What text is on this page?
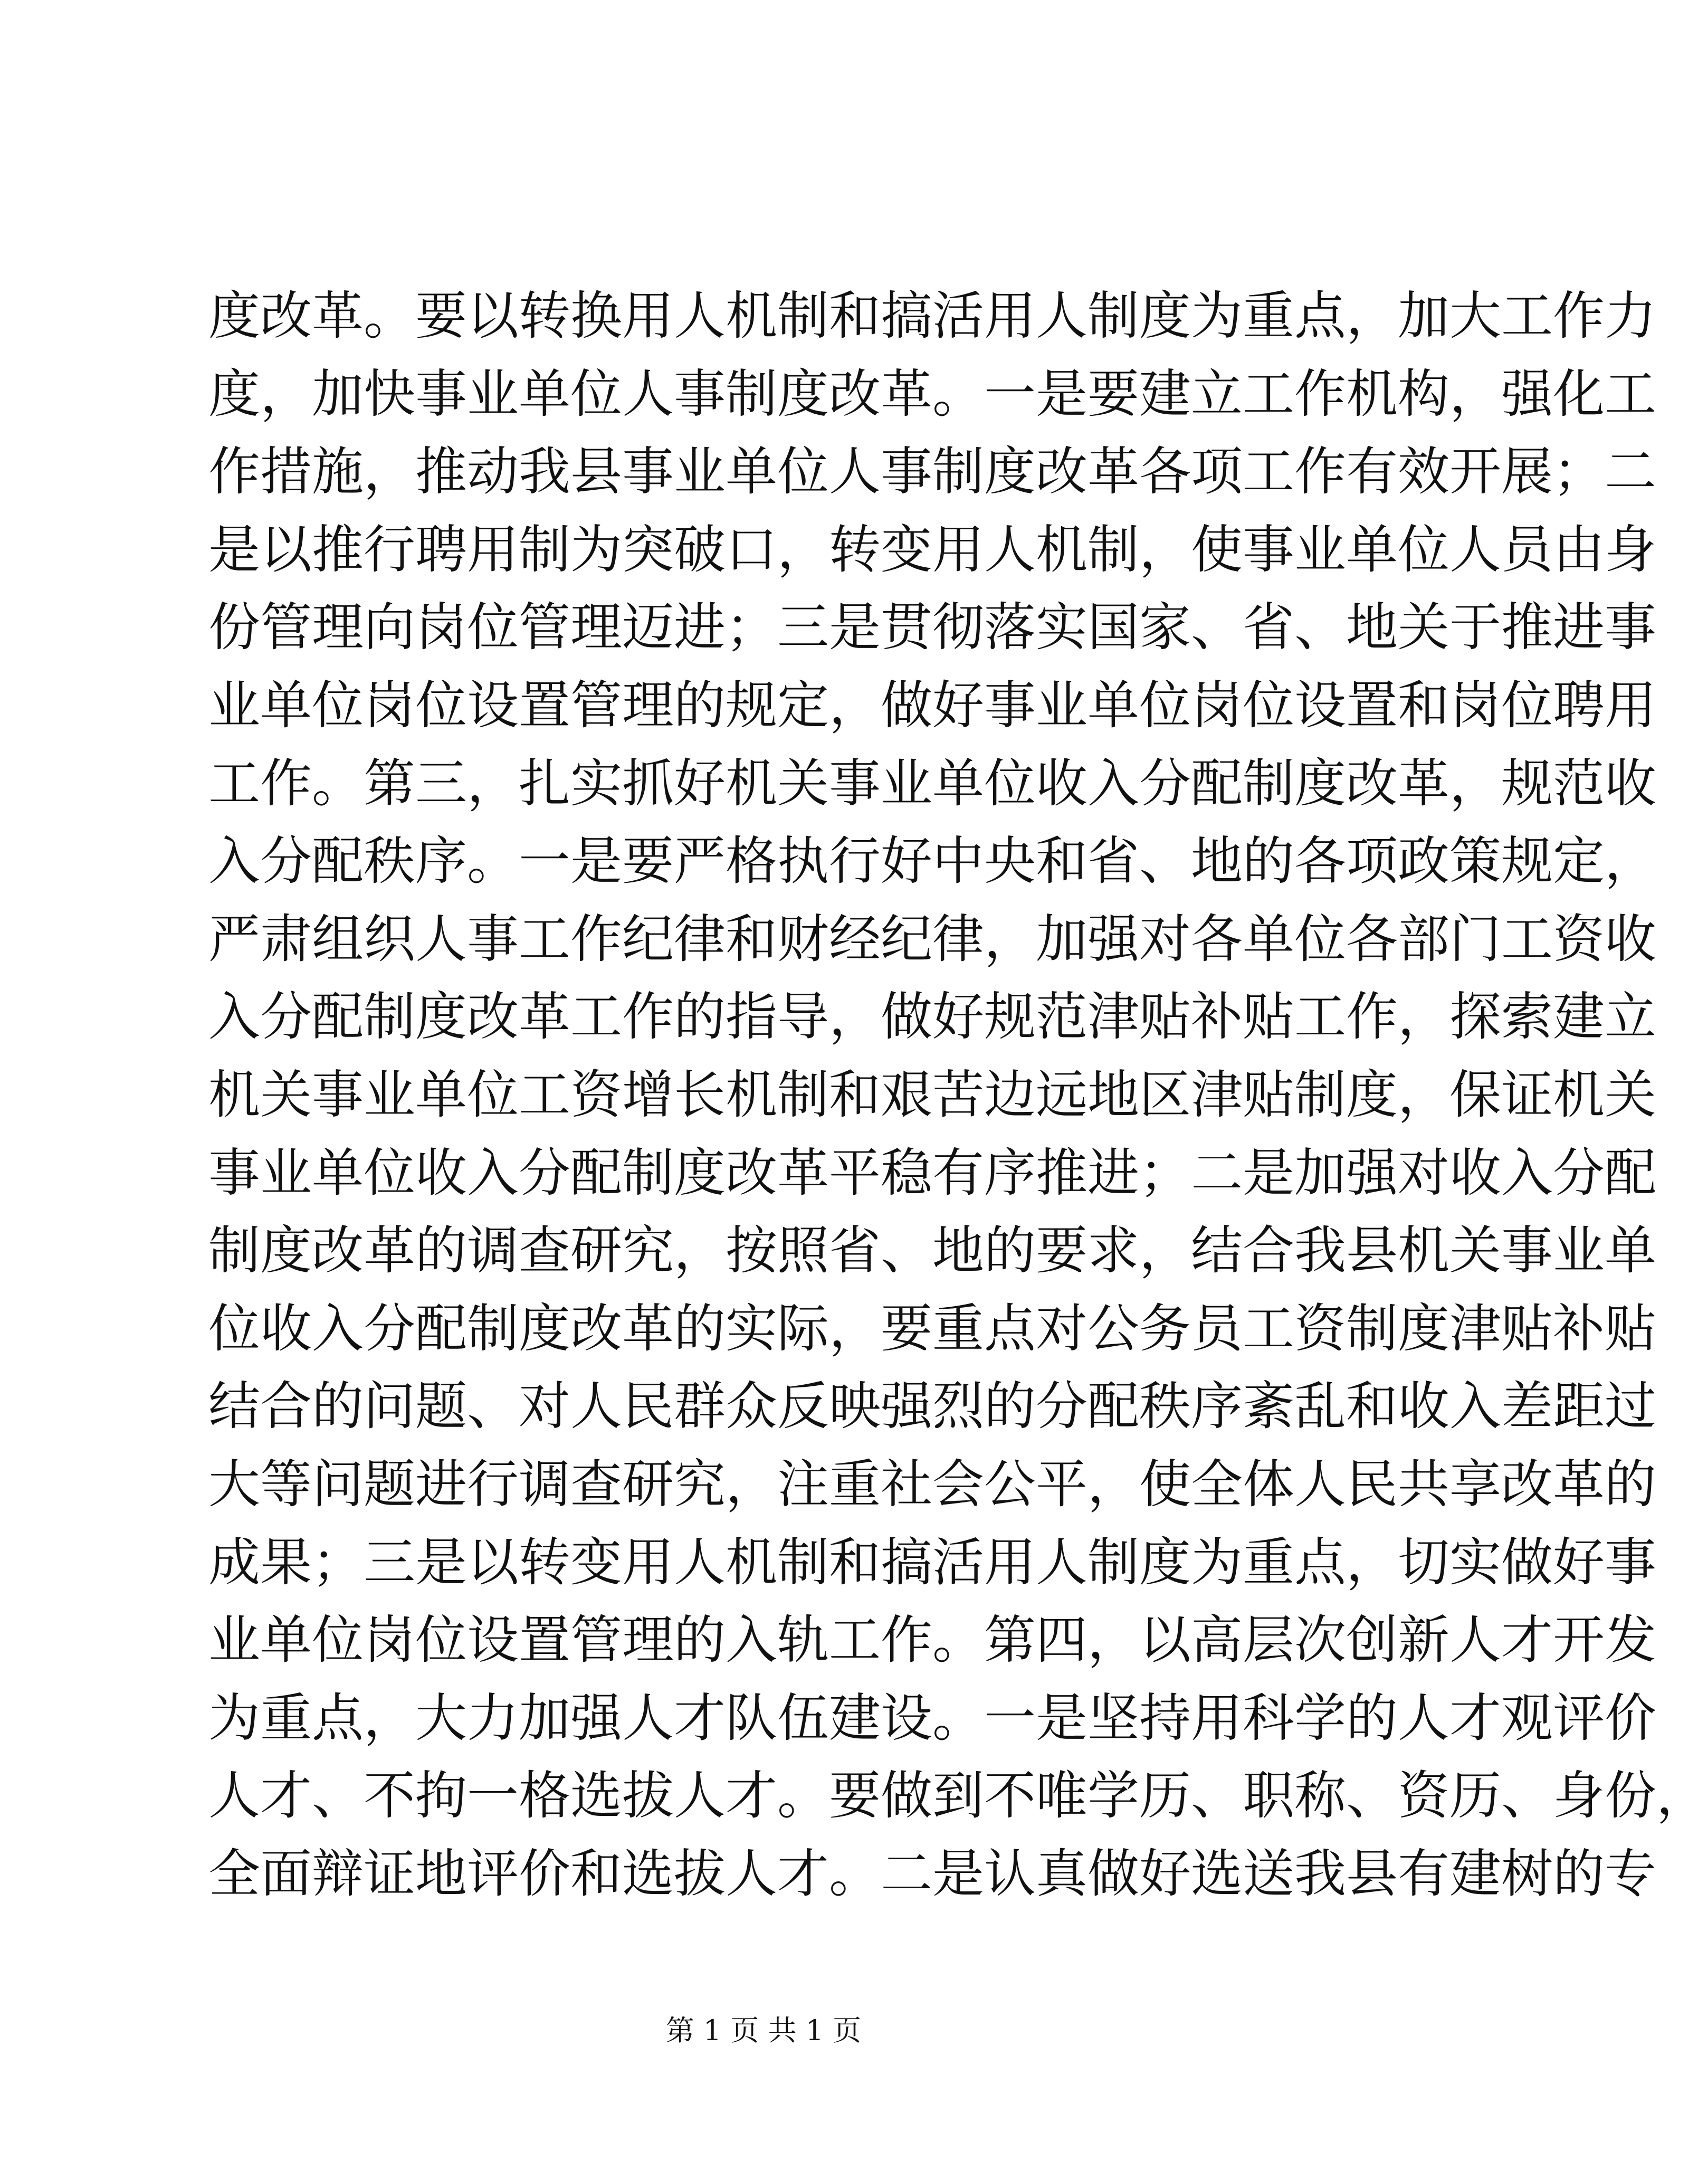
度改革。要以转换用人机制和搞活用人制度为重点，加大工作力
度，加快事业单位人事制度改革。一是要建立工作机构，强化工
作措施，推动我县事业单位人事制度改革各项工作有效开展；二
是以推行聘用制为突破口，转变用人机制，使事业单位人员由身
份管理向岗位管理迈进；三是贯彻落实国家、省、地关于推进事
业单位岗位设置管理的规定，做好事业单位岗位设置和岗位聘用
工作。第三，扎实抓好机关事业单位收入分配制度改革，规范收
入分配秩序。一是要严格执行好中央和省、地的各项政策规定，
严肃组织人事工作纪律和财经纪律，加强对各单位各部门工资收
入分配制度改革工作的指导，做好规范津贴补贴工作，探索建立
机关事业单位工资增长机制和艰苦边远地区津贴制度，保证机关
事业单位收入分配制度改革平稳有序推进；二是加强对收入分配
制度改革的调查研究，按照省、地的要求，结合我县机关事业单
位收入分配制度改革的实际，要重点对公务员工资制度津贴补贴
结合的问题、对人民群众反映强烈的分配秩序紊乱和收入差距过
大等问题进行调查研究，注重社会公平，使全体人民共享改革的
成果；三是以转变用人机制和搞活用人制度为重点，切实做好事
业单位岗位设置管理的入轨工作。第四，以高层次创新人才开发
为重点，大力加强人才队伍建设。一是坚持用科学的人才观评价
人才、不拘一格选拔人才。要做到不唯学历、职称、资历、身份，
全面辩证地评价和选拔人才。二是认真做好选送我县有建树的专
第 1 页 共 1 页
